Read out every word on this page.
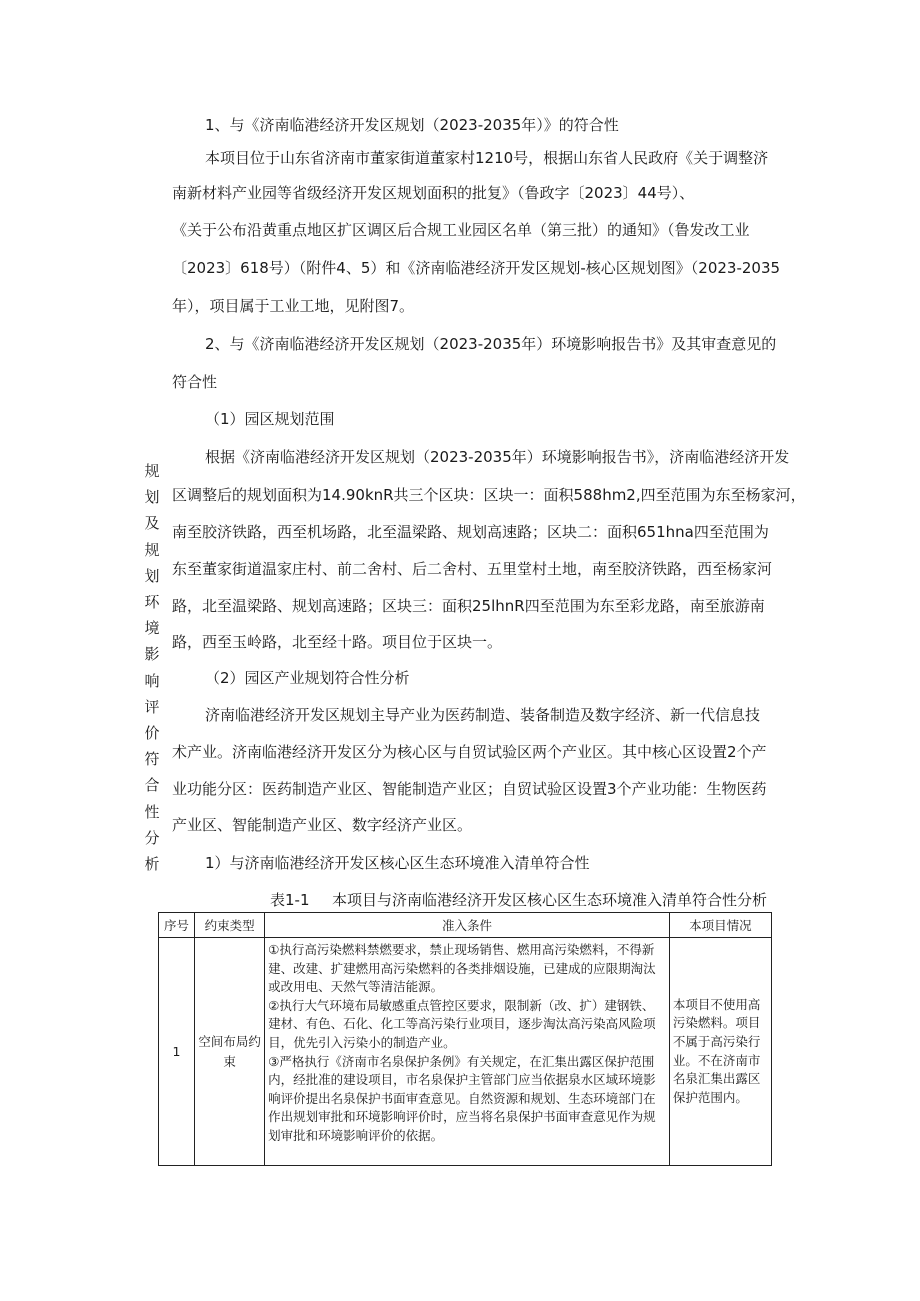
规
划
及
规
划
环
境
影
响
评
价
符
合
性
分
析
1、与《济南临港经济开发区规划（2023-2035年）》的符合性
本项目位于山东省济南市董家街道董家村1210号，根据山东省人民政府《关于调整济
南新材料产业园等省级经济开发区规划面积的批复》（鲁政字〔2023〕44号）、
《关于公布沿黄重点地区扩区调区后合规工业园区名单（第三批）的通知》（鲁发改工业
〔2023〕618号）（附件4、5）和《济南临港经济开发区规划-核心区规划图》（2023-2035
年），项目属于工业工地，见附图7。
2、与《济南临港经济开发区规划（2023-2035年）环境影响报告书》及其审查意见的
符合性
（1）园区规划范围
根据《济南临港经济开发区规划（2023-2035年）环境影响报告书》，济南临港经济开发
区调整后的规划面积为14.90knR共三个区块：区块一：面积588hm2,四至范围为东至杨家河，
南至胶济铁路，西至机场路，北至温梁路、规划高速路；区块二：面积651hna四至范围为
东至董家街道温家庄村、前二舍村、后二舍村、五里堂村土地，南至胶济铁路，西至杨家河
路，北至温梁路、规划高速路；区块三：面积25lhnR四至范围为东至彩龙路，南至旅游南
路，西至玉岭路，北至经十路。项目位于区块一。
（2）园区产业规划符合性分析
济南临港经济开发区规划主导产业为医药制造、装备制造及数字经济、新一代信息技
术产业。济南临港经济开发区分为核心区与自贸试验区两个产业区。其中核心区设置2个产
业功能分区：医药制造产业区、智能制造产业区；自贸试验区设置3个产业功能：生物医药
产业区、智能制造产业区、数字经济产业区。
1）与济南临港经济开发区核心区生态环境准入清单符合性
表1-1 本项目与济南临港经济开发区核心区生态环境准入清单符合性分析
序号	约束类型	准入条件	本项目情况
1	空间布局约束	①执行高污染燃料禁燃要求，禁止现场销售、燃用高污染燃料，不得新建、改建、扩建燃用高污染燃料的各类排烟设施，已建成的应限期淘汰或改用电、天然气等清洁能源。

②执行大气环境布局敏感重点管控区要求，限制新（改、扩）建钢铁、建材、有色、石化、化工等高污染行业项目，逐步淘汰高污染高风险项目，优先引入污染小的制造产业。

③严格执行《济南市名泉保护条例》有关规定，在汇集出露区保护范围内，经批准的建设项目，市名泉保护主管部门应当依据泉水区域环境影响评价提出名泉保护书面审查意见。自然资源和规划、生态环境部门在作出规划审批和环境影响评价时，应当将名泉保护书面审查意见作为规划审批和环境影响评价的依据。	本项目不使用高污染燃料。项目不属于高污染行业。不在济南市名泉汇集出露区保护范围内。
